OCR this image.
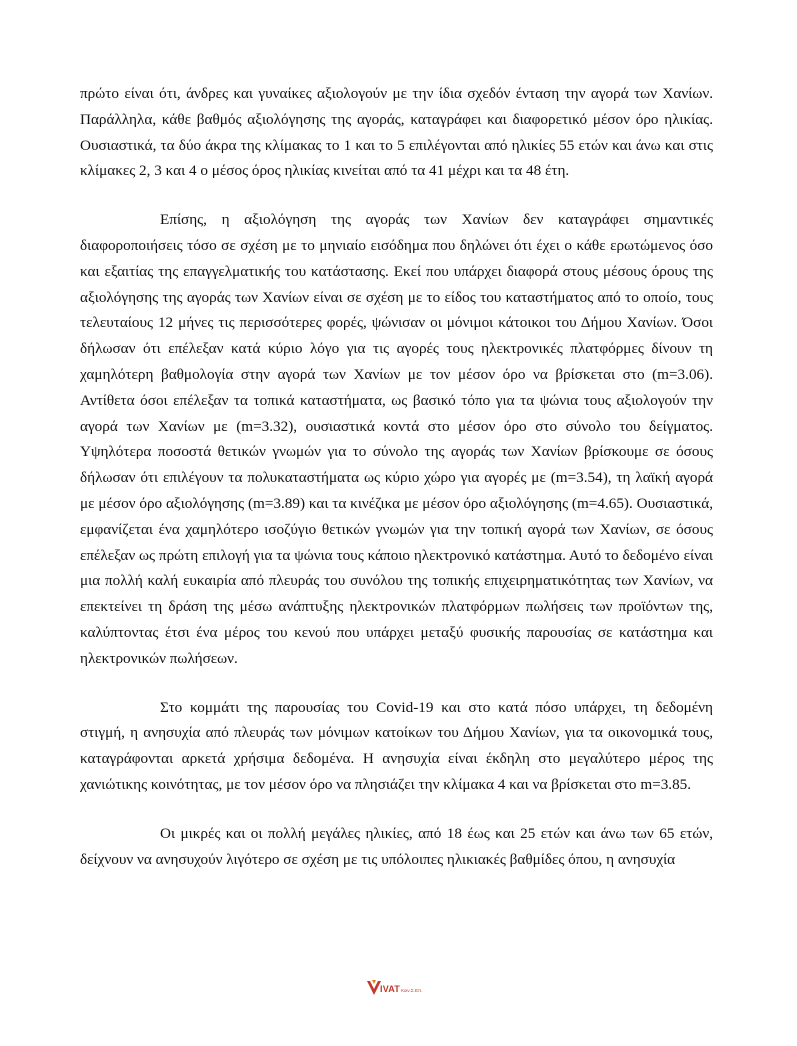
πρώτο είναι ότι, άνδρες και γυναίκες αξιολογούν με την ίδια σχεδόν ένταση την αγορά των Χανίων. Παράλληλα, κάθε βαθμός αξιολόγησης της αγοράς, καταγράφει και διαφορετικό μέσον όρο ηλικίας. Ουσιαστικά, τα δύο άκρα της κλίμακας το 1 και το 5 επιλέγονται από ηλικίες 55 ετών και άνω και στις κλίμακες 2, 3 και 4 ο μέσος όρος ηλικίας κινείται από τα 41 μέχρι και τα 48 έτη.

Επίσης, η αξιολόγηση της αγοράς των Χανίων δεν καταγράφει σημαντικές διαφοροποιήσεις τόσο σε σχέση με το μηνιαίο εισόδημα που δηλώνει ότι έχει ο κάθε ερωτώμενος όσο και εξαιτίας της επαγγελματικής του κατάστασης. Εκεί που υπάρχει διαφορά στους μέσους όρους της αξιολόγησης της αγοράς των Χανίων είναι σε σχέση με το είδος του καταστήματος από το οποίο, τους τελευταίους 12 μήνες τις περισσότερες φορές, ψώνισαν οι μόνιμοι κάτοικοι του Δήμου Χανίων. Όσοι δήλωσαν ότι επέλεξαν κατά κύριο λόγο για τις αγορές τους ηλεκτρονικές πλατφόρμες δίνουν τη χαμηλότερη βαθμολογία στην αγορά των Χανίων με τον μέσον όρο να βρίσκεται στο (m=3.06). Αντίθετα όσοι επέλεξαν τα τοπικά καταστήματα, ως βασικό τόπο για τα ψώνια τους αξιολογούν την αγορά των Χανίων με (m=3.32), ουσιαστικά κοντά στο μέσον όρο στο σύνολο του δείγματος. Υψηλότερα ποσοστά θετικών γνωμών για το σύνολο της αγοράς των Χανίων βρίσκουμε σε όσους δήλωσαν ότι επιλέγουν τα πολυκαταστήματα ως κύριο χώρο για αγορές με (m=3.54), τη λαϊκή αγορά με μέσον όρο αξιολόγησης (m=3.89) και τα κινέζικα με μέσον όρο αξιολόγησης (m=4.65). Ουσιαστικά, εμφανίζεται ένα χαμηλότερο ισοζύγιο θετικών γνωμών για την τοπική αγορά των Χανίων, σε όσους επέλεξαν ως πρώτη επιλογή για τα ψώνια τους κάποιο ηλεκτρονικό κατάστημα. Αυτό το δεδομένο είναι μια πολλή καλή ευκαιρία από πλευράς του συνόλου της τοπικής επιχειρηματικότητας των Χανίων, να επεκτείνει τη δράση της μέσω ανάπτυξης ηλεκτρονικών πλατφόρμων πωλήσεις των προϊόντων της, καλύπτοντας έτσι ένα μέρος του κενού που υπάρχει μεταξύ φυσικής παρουσίας σε κατάστημα και ηλεκτρονικών πωλήσεων.

Στο κομμάτι της παρουσίας του Covid-19 και στο κατά πόσο υπάρχει, τη δεδομένη στιγμή, η ανησυχία από πλευράς των μόνιμων κατοίκων του Δήμου Χανίων, για τα οικονομικά τους, καταγράφονται αρκετά χρήσιμα δεδομένα. Η ανησυχία είναι έκδηλη στο μεγαλύτερο μέρος της χανιώτικης κοινότητας, με τον μέσον όρο να πλησιάζει την κλίμακα 4 και να βρίσκεται στο m=3.85.

Οι μικρές και οι πολλή μεγάλες ηλικίες, από 18 έως και 25 ετών και άνω των 65 ετών, δείχνουν να ανησυχούν λιγότερο σε σχέση με τις υπόλοιπες ηλικιακές βαθμίδες όπου, η ανησυχία

IVAT Κοιν.Σ.Επ.
